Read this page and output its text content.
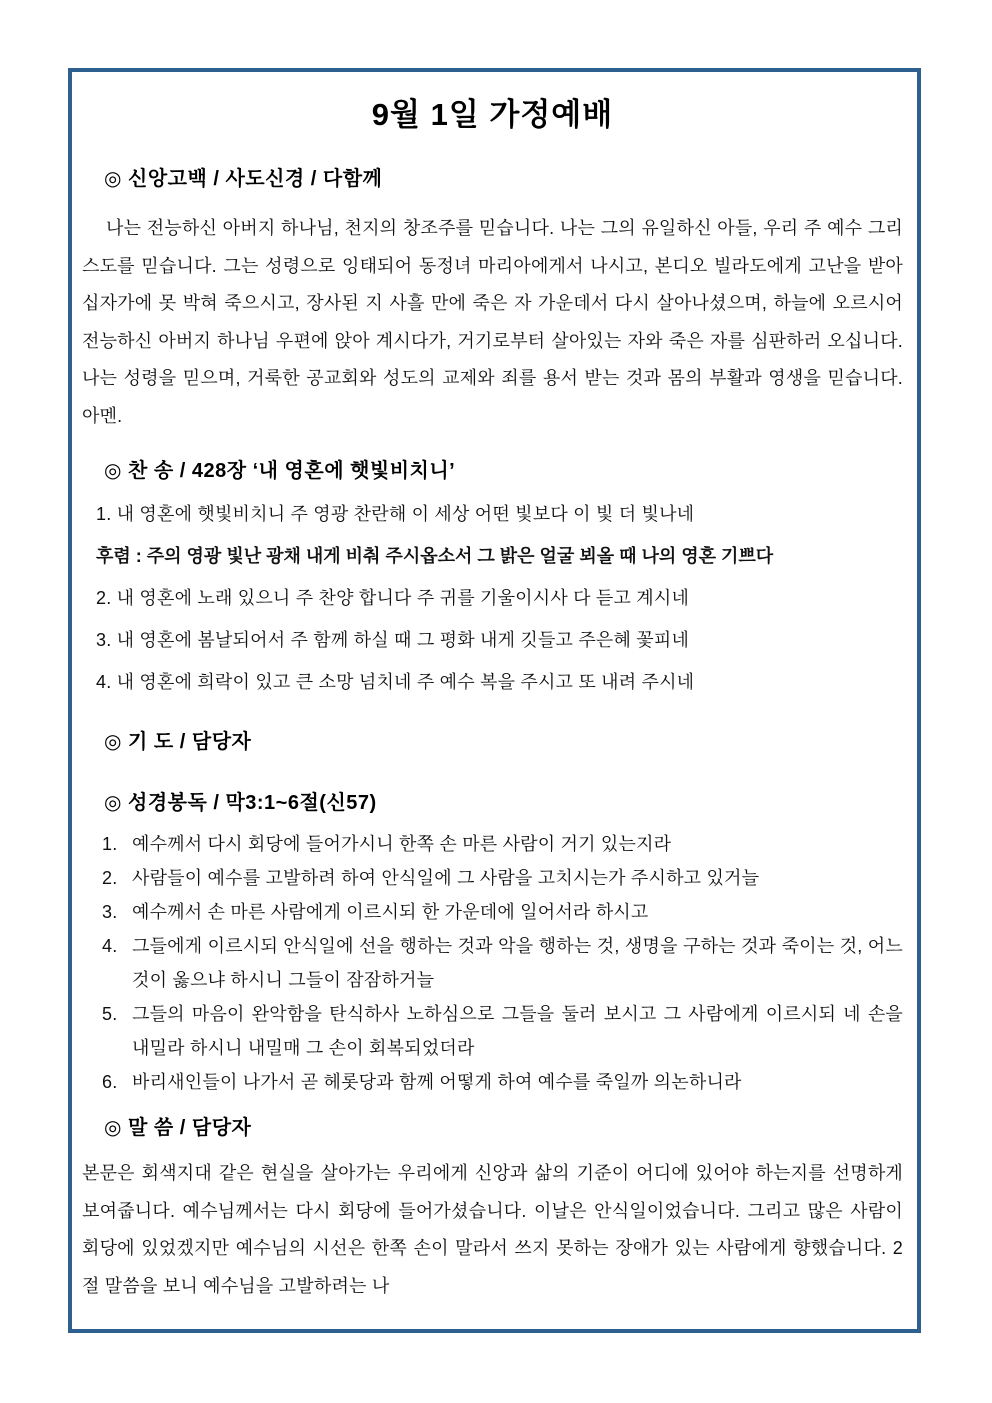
9월 1일 가정예배
◎ 신앙고백 / 사도신경 / 다함께

나는 전능하신 아버지 하나님, 천지의 창조주를 믿습니다. 나는 그의 유일하신 아들, 우리 주 예수 그리스도를 믿습니다. 그는 성령으로 잉태되어 동정녀 마리아에게서 나시고, 본디오 빌라도에게 고난을 받아 십자가에 못 박혀 죽으시고, 장사된 지 사흘 만에 죽은 자 가운데서 다시 살아나셨으며, 하늘에 오르시어 전능하신 아버지 하나님 우편에 앉아 계시다가, 거기로부터 살아있는 자와 죽은 자를 심판하러 오십니다. 나는 성령을 믿으며, 거룩한 공교회와 성도의 교제와 죄를 용서 받는 것과 몸의 부활과 영생을 믿습니다. 아멘.

◎ 찬 송 / 428장 ‘내 영혼에 햇빛비치니’
1. 내 영혼에 햇빛비치니 주 영광 찬란해 이 세상 어떤 빛보다 이 빛 더 빛나네
후렴 : 주의 영광 빛난 광채 내게 비춰 주시옵소서 그 밝은 얼굴 뵈올 때 나의 영혼 기쁘다
2. 내 영혼에 노래 있으니 주 찬양 합니다 주 귀를 기울이시사 다 듣고 계시네
3. 내 영혼에 봄날되어서 주 함께 하실 때 그 평화 내게 깃들고 주은혜 꽃피네
4. 내 영혼에 희락이 있고 큰 소망 넘치네 주 예수 복을 주시고 또 내려 주시네
◎ 기 도 / 담당자
◎ 성경봉독 / 막3:1~6절(신57)
1. 예수께서 다시 회당에 들어가시니 한쪽 손 마른 사람이 거기 있는지라
2. 사람들이 예수를 고발하려 하여 안식일에 그 사람을 고치시는가 주시하고 있거늘
3. 예수께서 손 마른 사람에게 이르시되 한 가운데에 일어서라 하시고
4. 그들에게 이르시되 안식일에 선을 행하는 것과 악을 행하는 것, 생명을 구하는 것과 죽이는 것, 어느 것이 옳으냐 하시니 그들이 잠잠하거늘
5. 그들의 마음이 완악함을 탄식하사 노하심으로 그들을 둘러 보시고 그 사람에게 이르시되 네 손을 내밀라 하시니 내밀매 그 손이 회복되었더라
6. 바리새인들이 나가서 곧 헤롯당과 함께 어떻게 하여 예수를 죽일까 의논하니라
◎ 말 씀 / 담당자

본문은 회색지대 같은 현실을 살아가는 우리에게 신앙과 삶의 기준이 어디에 있어야 하는지를 선명하게 보여줍니다. 예수님께서는 다시 회당에 들어가셨습니다. 이날은 안식일이었습니다. 그리고 많은 사람이 회당에 있었겠지만 예수님의 시선은 한쪽 손이 말라서 쓰지 못하는 장애가 있는 사람에게 향했습니다. 2절 말씀을 보니 예수님을 고발하려는 나
